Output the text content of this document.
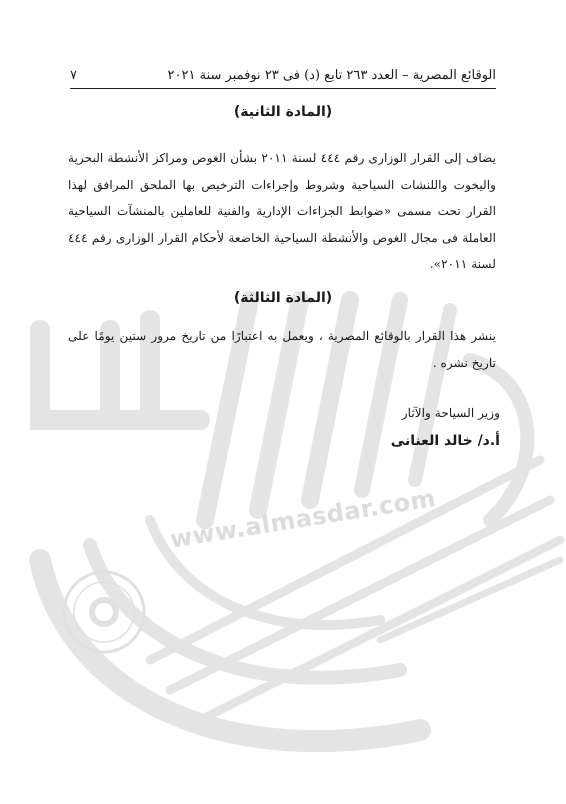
www.almasdar.com
الوقائع المصرية – العدد ٢٦٣ تابع (د) فى ٢٣ نوفمبر سنة ٢٠٢١
٧
(المادة الثانية)
يضاف إلى القرار الوزارى رقم ٤٤٤ لسنة ٢٠١١ بشأن الغوص ومراكز الأنشطة البحرية واليخوت واللنشات السياحية وشروط وإجراءات الترخيص بها الملحق المرافق لهذا القرار تحت مسمى «ضوابط الجزاءات الإدارية والفنية للعاملين بالمنشآت السياحية العاملة فى مجال الغوص والأنشطة السياحية الخاضعة لأحكام القرار الوزارى رقم ٤٤٤ لسنة ٢٠١١».
(المادة الثالثة)
ينشر هذا القرار بالوقائع المصرية ، ويعمل به اعتبارًا من تاريخ مرور ستين يومًا على تاريخ نشره .
وزير السياحة والآثار
أ.د/ خالد العنانى
